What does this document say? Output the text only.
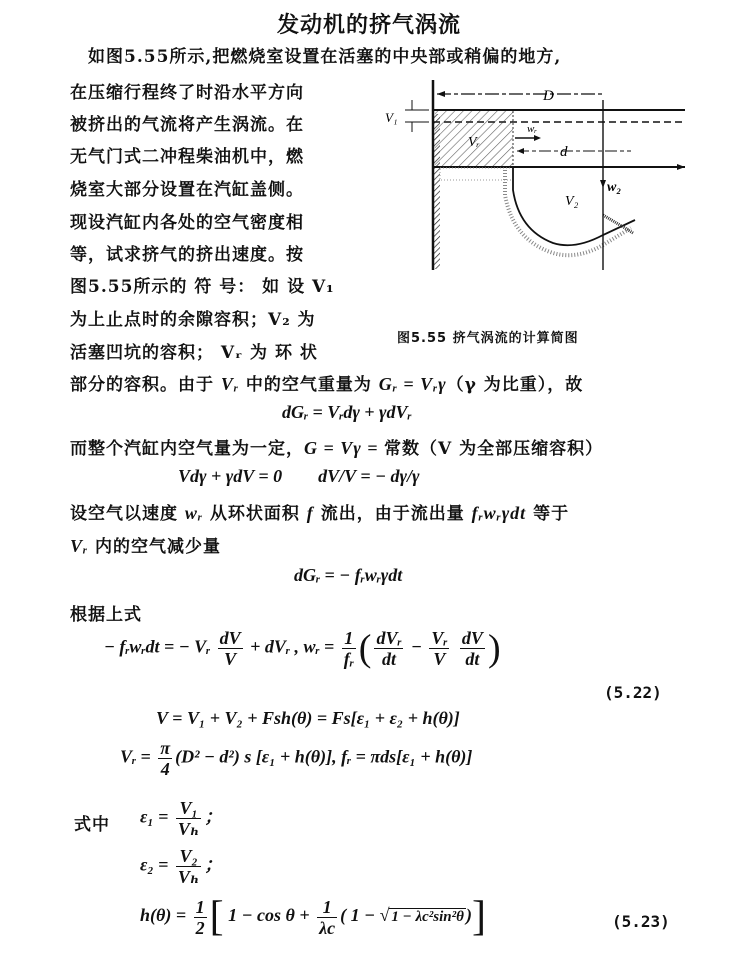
发动机的挤气涡流
如图5.55所示,把燃烧室设置在活塞的中央部或稍偏的地方,
在压缩行程终了时沿水平方向
被挤出的气流将产生涡流。在
无气门式二冲程柴油机中，燃
烧室大部分设置在汽缸盖侧。
现设汽缸内各处的空气密度相
等，试求挤气的挤出速度。按
图5.55所示的 符 号： 如 设 V₁
为上止点时的余隙容积；V₂ 为
活塞凹坑的容积； Vᵣ 为 环 状
D
V₁
Vᵣ
wᵣ
d
w₂
V₂
图5.55 挤气涡流的计算简图
部分的容积。由于 Vᵣ 中的空气重量为 Gᵣ = Vᵣγ（γ 为比重），故
dGᵣ = Vᵣdγ + γdVᵣ
而整个汽缸内空气量为一定，G = Vγ = 常数（V 为全部压缩容积）
Vdγ + γdV = 0        dV/V = − dγ/γ
设空气以速度 wᵣ 从环状面积 f 流出，由于流出量 fᵣwᵣγdt 等于
Vᵣ 内的空气减少量
dGᵣ = − fᵣwᵣγdt
根据上式
− fᵣwᵣdt = − Vᵣ $\frac{dV}{V}$ + dVᵣ , wᵣ = $\frac{1}{\text{fᵣ}}$ ( $\frac{\text{dVᵣ}}{dt} - \frac{\text{Vᵣ}}{V}$
$\frac{dV}{dt}$ )
(5.22)
V = V₁ + V₂ + Fsh(θ) = Fs[ε₁ + ε₂ + h(θ)]
Vᵣ = $\frac{\pi}{4} (D^2 - d^2)$ s [ε₁ + h(θ)], fᵣ = πds[ε₁ + h(θ)]
式中 $\varepsilon_1 = \frac{\text{V₁}}{\text{Vₕ}}$ ；
$\varepsilon_2 = \frac{\text{V₂}}{\text{Vₕ}}$ ；
$h(\theta) = \frac{1}{2}$ [ $1 - \cos \theta + \frac{1}{\lambda c}$ ( 1 − √ 1 − λc²sin²θ )]	(5.23)
